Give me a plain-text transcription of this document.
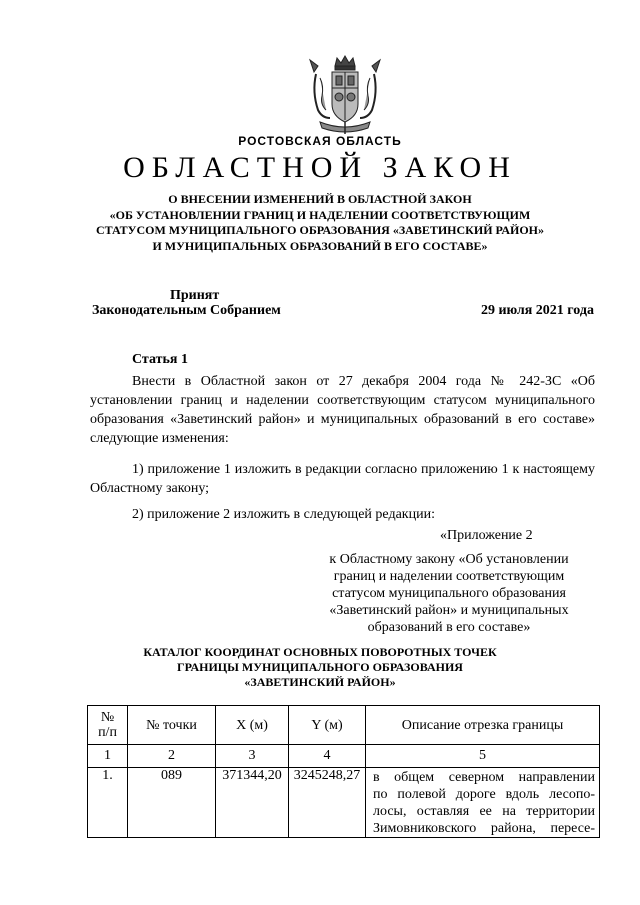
РОСТОВСКАЯ ОБЛАСТЬ
ОБЛАСТНОЙ ЗАКОН
О ВНЕСЕНИИ ИЗМЕНЕНИЙ В ОБЛАСТНОЙ ЗАКОН
«ОБ УСТАНОВЛЕНИИ ГРАНИЦ И НАДЕЛЕНИИ СООТВЕТСТВУЮЩИМ
СТАТУСОМ МУНИЦИПАЛЬНОГО ОБРАЗОВАНИЯ «ЗАВЕТИНСКИЙ РАЙОН»
И МУНИЦИПАЛЬНЫХ ОБРАЗОВАНИЙ В ЕГО СОСТАВЕ»
Принят
Законодательным Собранием	29 июля 2021 года
Статья 1
Внести в Областной закон от 27 декабря 2004 года № 242-ЗС «Об установлении границ и наделении соответствующим статусом муниципального образования «Заветинский район» и муниципальных образований в его составе» следующие изменения:
1) приложение 1 изложить в редакции согласно приложению 1 к настоящему Областному закону;
2) приложение 2 изложить в следующей редакции:
«Приложение 2
к Областному закону «Об установлении
границ и наделении соответствующим
статусом муниципального образования
«Заветинский район» и муниципальных
образований в его составе»
КАТАЛОГ КООРДИНАТ ОСНОВНЫХ ПОВОРОТНЫХ ТОЧЕК
ГРАНИЦЫ МУНИЦИПАЛЬНОГО ОБРАЗОВАНИЯ
«ЗАВЕТИНСКИЙ РАЙОН»
№
п/п	№ точки	X (м)	Y (м)	Описание отрезка границы
1	2	3	4	5
1.	089	371344,20	3245248,27	в общем северном направлении
по полевой дороге вдоль лесопо-
лосы, оставляя ее на территории
Зимовниковского района, пересе-
